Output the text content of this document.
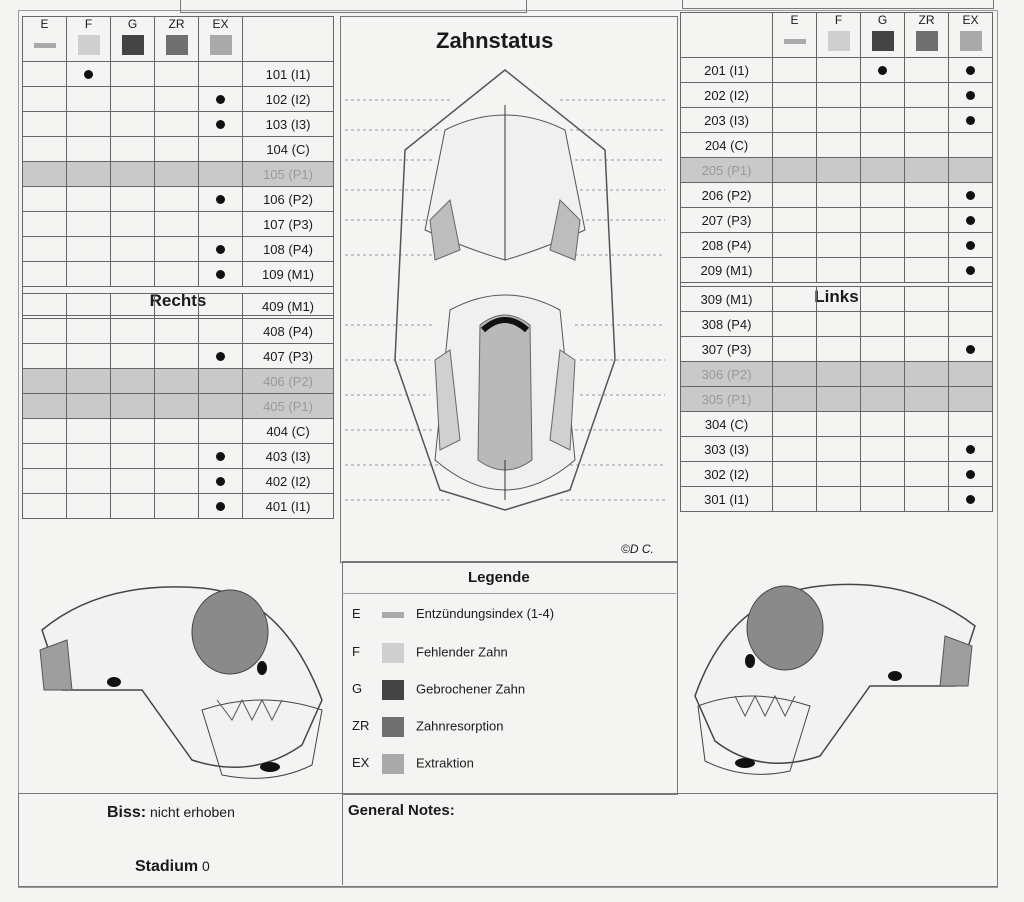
E	F	G	ZR	EX

					101 (I1)
					102 (I2)
					103 (I3)
					104 (C)
					105 (P1)
					106 (P2)
					107 (P3)
					108 (P4)
					109 (M1)
Rechts					
						409 (M1)
					408 (P4)
					407 (P3)
					406 (P2)
					405 (P1)
					404 (C)
					403 (I3)
					402 (I2)
					401 (I1)
	E	F	G	ZR	EX

201 (I1)					
202 (I2)					
203 (I3)					
204 (C)					
205 (P1)					
206 (P2)					
207 (P3)					
208 (P4)					
209 (M1)					
Links					
309 (M1)					
308 (P4)					
307 (P3)					
306 (P2)					
305 (P1)					
304 (C)					
303 (I3)					
302 (I2)					
301 (I1)					
Zahnstatus
©D C.
Legende
E	Entzündungsindex (1-4)
F	Fehlender Zahn
G	Gebrochener Zahn
ZR	Zahnresorption
EX	Extraktion
Biss: nicht erhoben
Stadium 0
General Notes:
